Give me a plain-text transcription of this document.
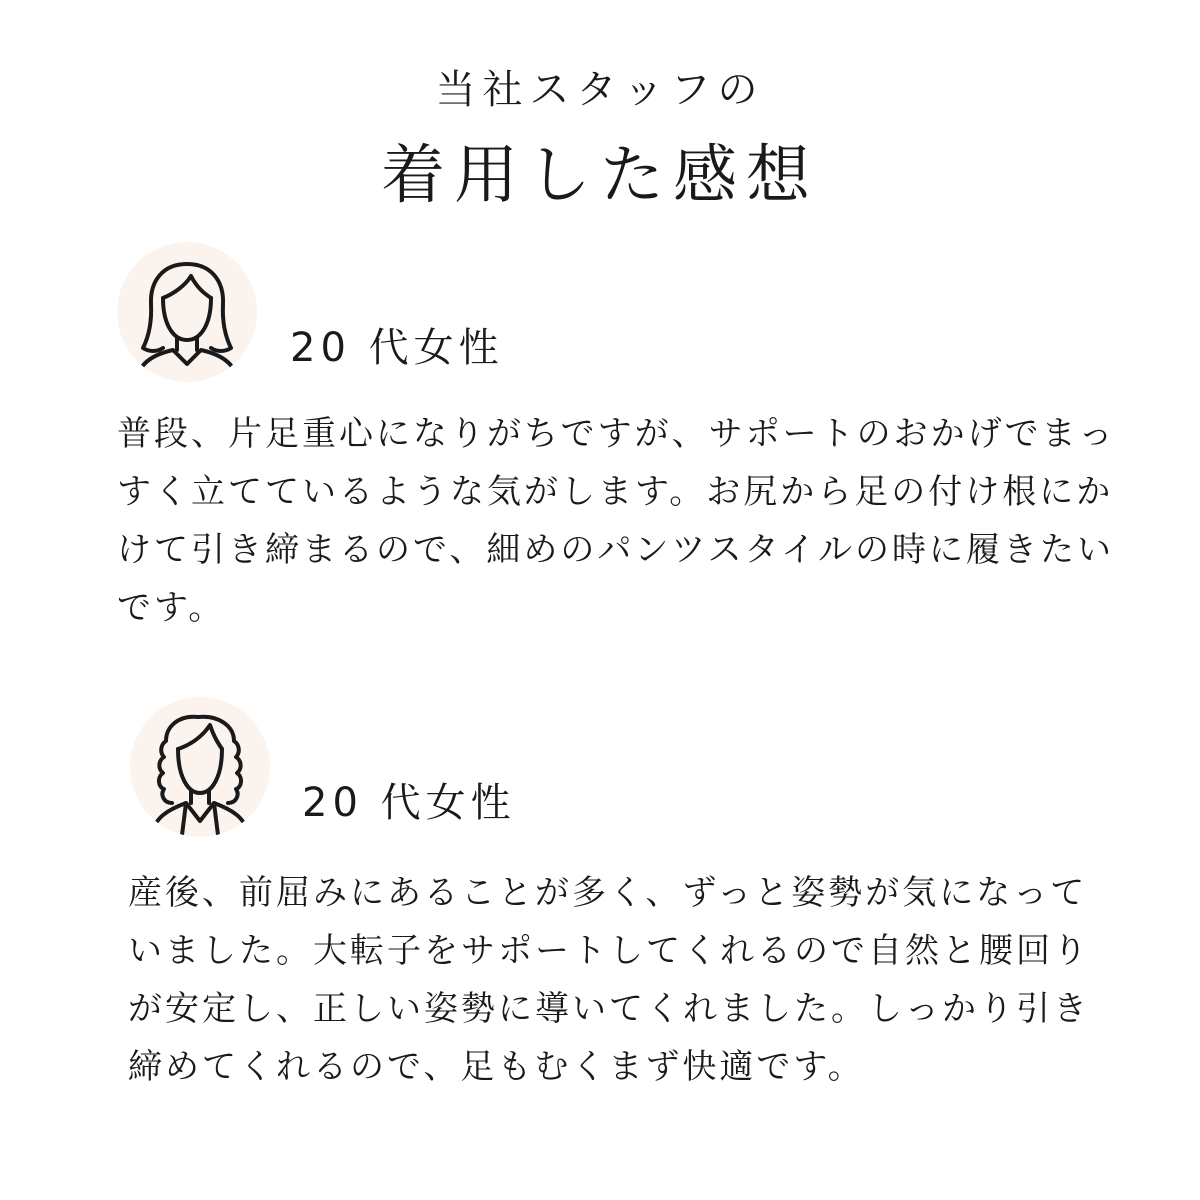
当社スタッフの
着用した感想
20 代女性

普段、片足重心になりがちですが、サポートのおかげでまっすく立てているような気がします。お尻から足の付け根にかけて引き締まるので、細めのパンツスタイルの時に履きたいです。

20 代女性

産後、前屈みにあることが多く、ずっと姿勢が気になっていました。大転子をサポートしてくれるので自然と腰回りが安定し、正しい姿勢に導いてくれました。しっかり引き締めてくれるので、足もむくまず快適です。
